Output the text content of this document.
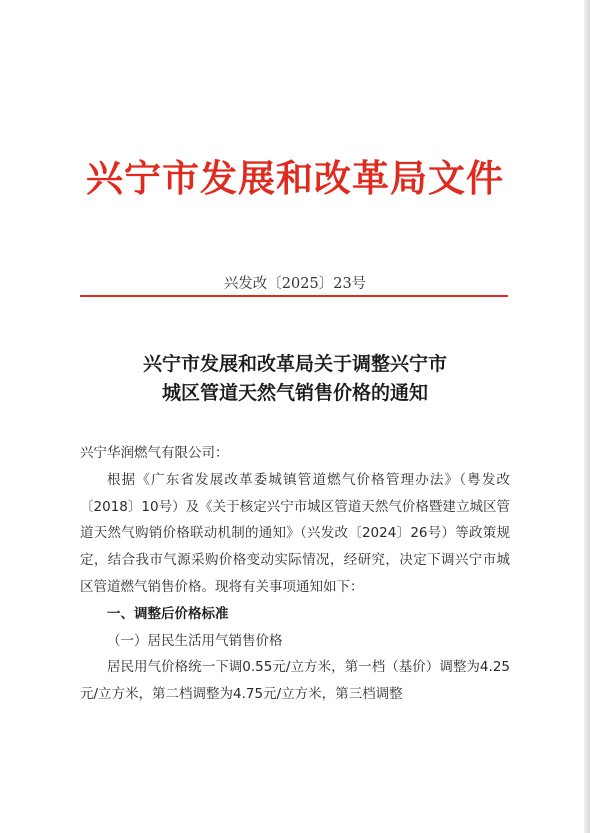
兴宁市发展和改革局文件
兴发改〔2025〕23号
兴宁市发展和改革局关于调整兴宁市
城区管道天然气销售价格的通知

兴宁华润燃气有限公司：

根据《广东省发展改革委城镇管道燃气价格管理办法》（粤发改〔2018〕10号）及《关于核定兴宁市城区管道天然气价格暨建立城区管道天然气购销价格联动机制的通知》（兴发改〔2024〕26号）等政策规定，结合我市气源采购价格变动实际情况，经研究，决定下调兴宁市城区管道燃气销售价格。现将有关事项通知如下：

一、调整后价格标准

（一）居民生活用气销售价格

居民用气价格统一下调0.55元/立方米，第一档（基价）调整为4.25元/立方米，第二档调整为4.75元/立方米，第三档调整
